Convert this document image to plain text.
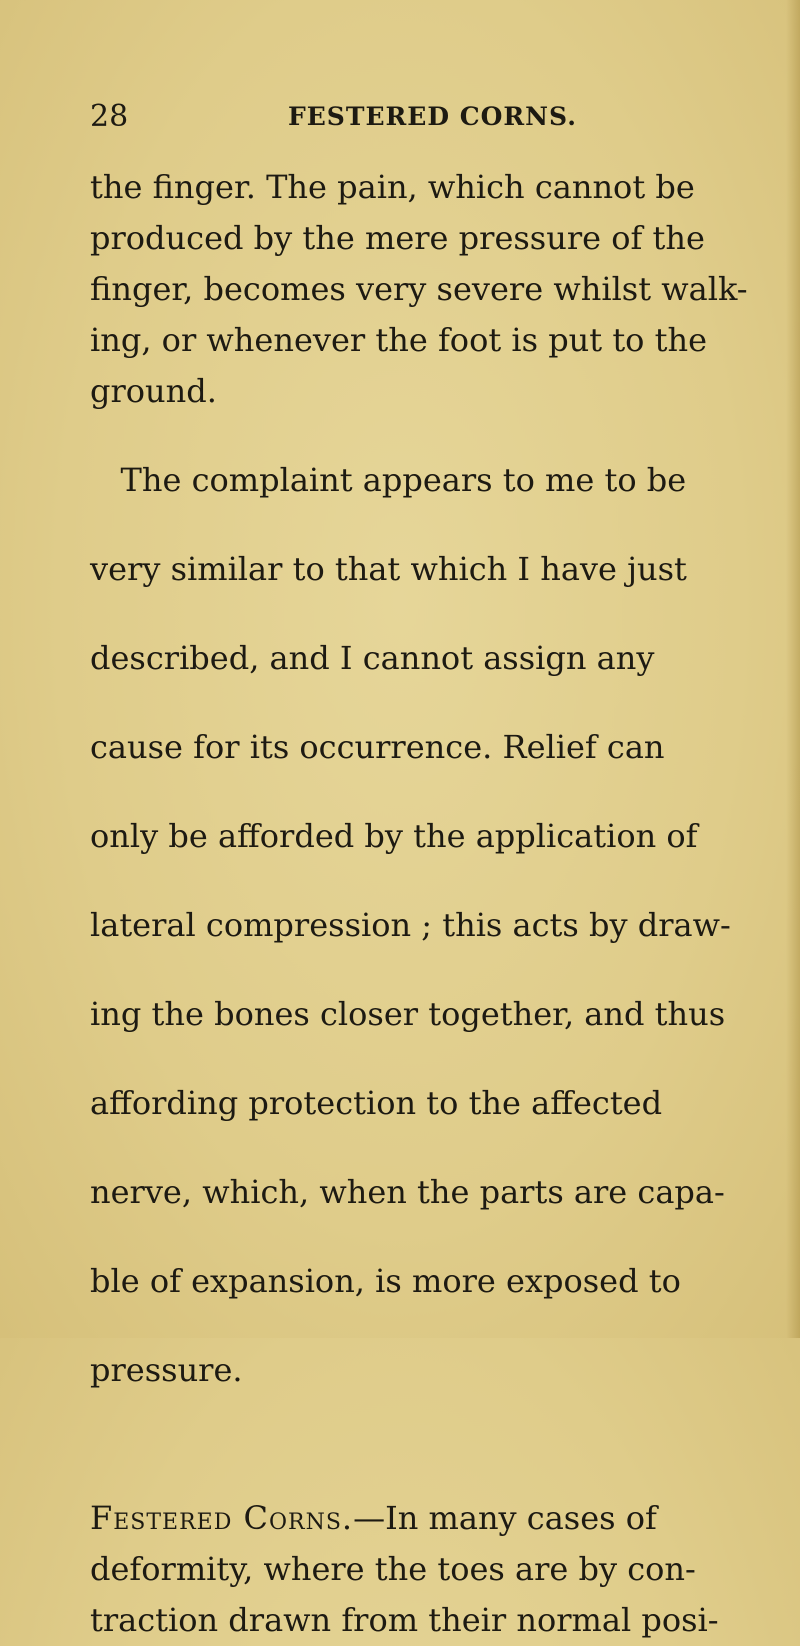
28	FESTERED CORNS.
the finger. The pain, which cannot be
produced by the mere pressure of the
finger, becomes very severe whilst walk-
ing, or whenever the foot is put to the
ground.

The complaint appears to me to be

very similar to that which I have just

described, and I cannot assign any

cause for its occurrence. Relief can

only be afforded by the application of

lateral compression ; this acts by draw-

ing the bones closer together, and thus

affording protection to the affected

nerve, which, when the parts are capa-

ble of expansion, is more exposed to

pressure.

Festered Corns.—In many cases of
deformity, where the toes are by con-
traction drawn from their normal posi-
